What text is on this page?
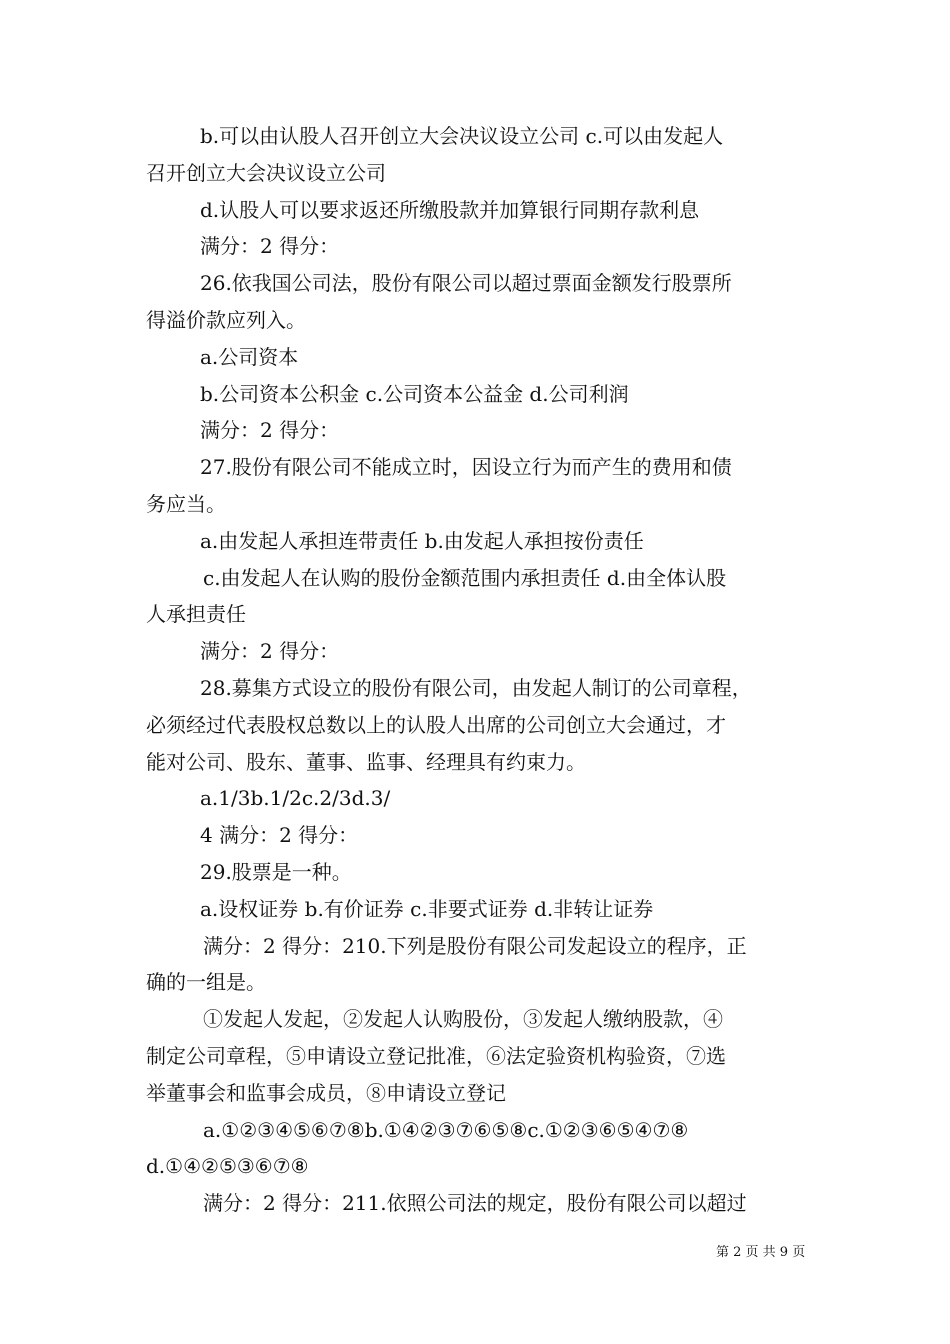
b.可以由认股人召开创立大会决议设立公司 c.可以由发起人
召开创立大会决议设立公司
d.认股人可以要求返还所缴股款并加算银行同期存款利息
满分：2 得分：
26.依我国公司法，股份有限公司以超过票面金额发行股票所
得溢价款应列入。
a.公司资本
b.公司资本公积金 c.公司资本公益金 d.公司利润
满分：2 得分：
27.股份有限公司不能成立时，因设立行为而产生的费用和债
务应当。
a.由发起人承担连带责任 b.由发起人承担按份责任
c.由发起人在认购的股份金额范围内承担责任 d.由全体认股
人承担责任
满分：2 得分：
28.募集方式设立的股份有限公司，由发起人制订的公司章程，
必须经过代表股权总数以上的认股人出席的公司创立大会通过，才
能对公司、股东、董事、监事、经理具有约束力。
a.1/3b.1/2c.2/3d.3/
4 满分：2 得分：
29.股票是一种。
a.设权证券 b.有价证券 c.非要式证券 d.非转让证券
满分：2 得分：210.下列是股份有限公司发起设立的程序，正
确的一组是。
①发起人发起，②发起人认购股份，③发起人缴纳股款，④
制定公司章程，⑤申请设立登记批准，⑥法定验资机构验资，⑦选
举董事会和监事会成员，⑧申请设立登记
a.①②③④⑤⑥⑦⑧b.①④②③⑦⑥⑤⑧c.①②③⑥⑤④⑦⑧
d.①④②⑤③⑥⑦⑧
满分：2 得分：211.依照公司法的规定，股份有限公司以超过
第 2 页 共 9 页
